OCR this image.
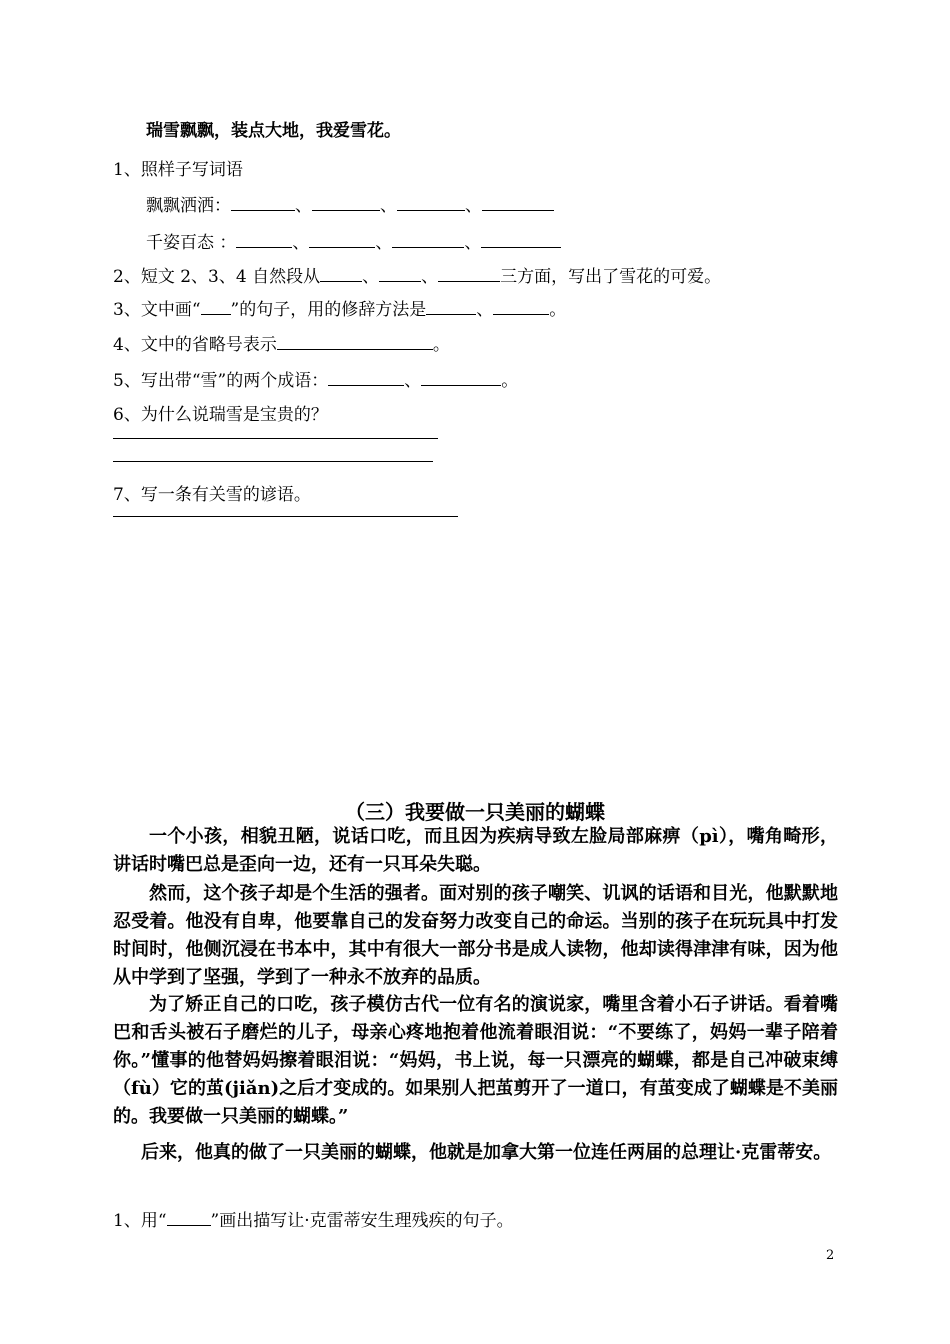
瑞雪飘飘，装点大地，我爱雪花。
1、照样子写词语
飘飘洒洒：	、	、	、
千姿百态 ：	、	、	、
2、短文 2、3、4 自然段从 、 、	三方面，写出了雪花的可爱。
3、文中画“ ”的句子，用的修辞方法是	、	。
4、文中的省略号表示	。
5、写出带“雪”的两个成语：	、	。
6、为什么说瑞雪是宝贵的？
7、写一条有关雪的谚语。
（三）我要做一只美丽的蝴蝶
一个小孩，相貌丑陋，说话口吃，而且因为疾病导致左脸局部麻痹（pì），嘴角畸形，讲话时嘴巴总是歪向一边，还有一只耳朵失聪。
然而，这个孩子却是个生活的强者。面对别的孩子嘲笑、讥讽的话语和目光，他默默地忍受着。他没有自卑，他要靠自己的发奋努力改变自己的命运。当别的孩子在玩玩具中打发时间时，他侧沉浸在书本中，其中有很大一部分书是成人读物，他却读得津津有味，因为他从中学到了坚强，学到了一种永不放弃的品质。
为了矫正自己的口吃，孩子模仿古代一位有名的演说家，嘴里含着小石子讲话。看着嘴巴和舌头被石子磨烂的儿子，母亲心疼地抱着他流着眼泪说：“不要练了，妈妈一辈子陪着你。”懂事的他替妈妈擦着眼泪说：“妈妈，书上说，每一只漂亮的蝴蝶，都是自己冲破束缚（fù）它的茧(jiǎn)之后才变成的。如果别人把茧剪开了一道口，有茧变成了蝴蝶是不美丽的。我要做一只美丽的蝴蝶。”
后来，他真的做了一只美丽的蝴蝶，他就是加拿大第一位连任两届的总理让·克雷蒂安。
1、用“	”画出描写让·克雷蒂安生理残疾的句子。
2
